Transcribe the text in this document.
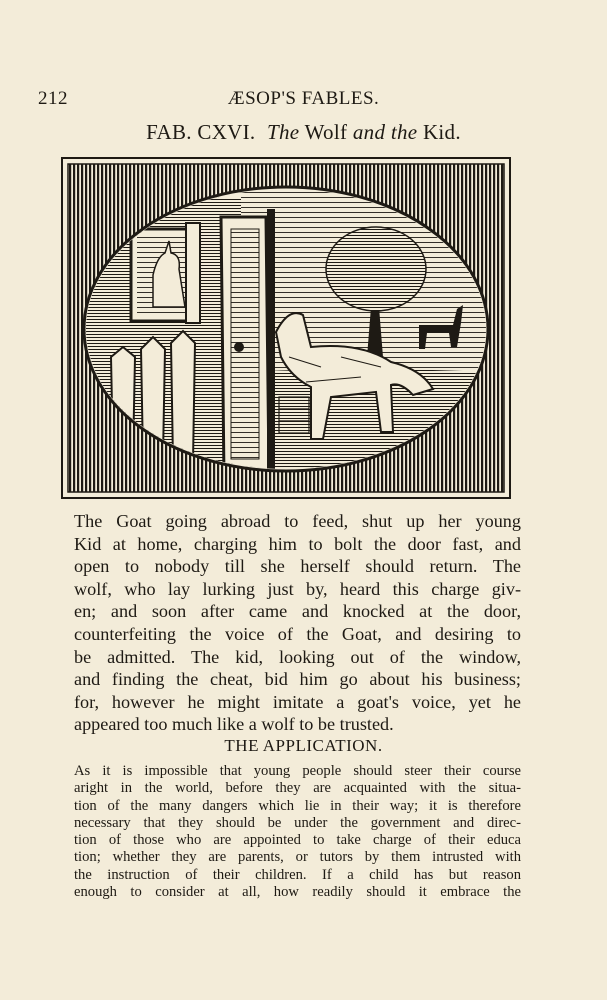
212	ÆSOP'S FABLES.
FAB. CXVI. The Wolf and the Kid.
The Goat going abroad to feed, shut up her young
Kid at home, charging him to bolt the door fast, and
open to nobody till she herself should return. The
wolf, who lay lurking just by, heard this charge giv-
en; and soon after came and knocked at the door,
counterfeiting the voice of the Goat, and desiring to
be admitted. The kid, looking out of the window,
and finding the cheat, bid him go about his business;
for, however he might imitate a goat's voice, yet he
appeared too much like a wolf to be trusted.
THE APPLICATION.
As it is impossible that young people should steer their course
aright in the world, before they are acquainted with the situa-
tion of the many dangers which lie in their way; it is therefore
necessary that they should be under the government and direc-
tion of those who are appointed to take charge of their educa
tion; whether they are parents, or tutors by them intrusted with
the instruction of their children. If a child has but reason
enough to consider at all, how readily should it embrace the
